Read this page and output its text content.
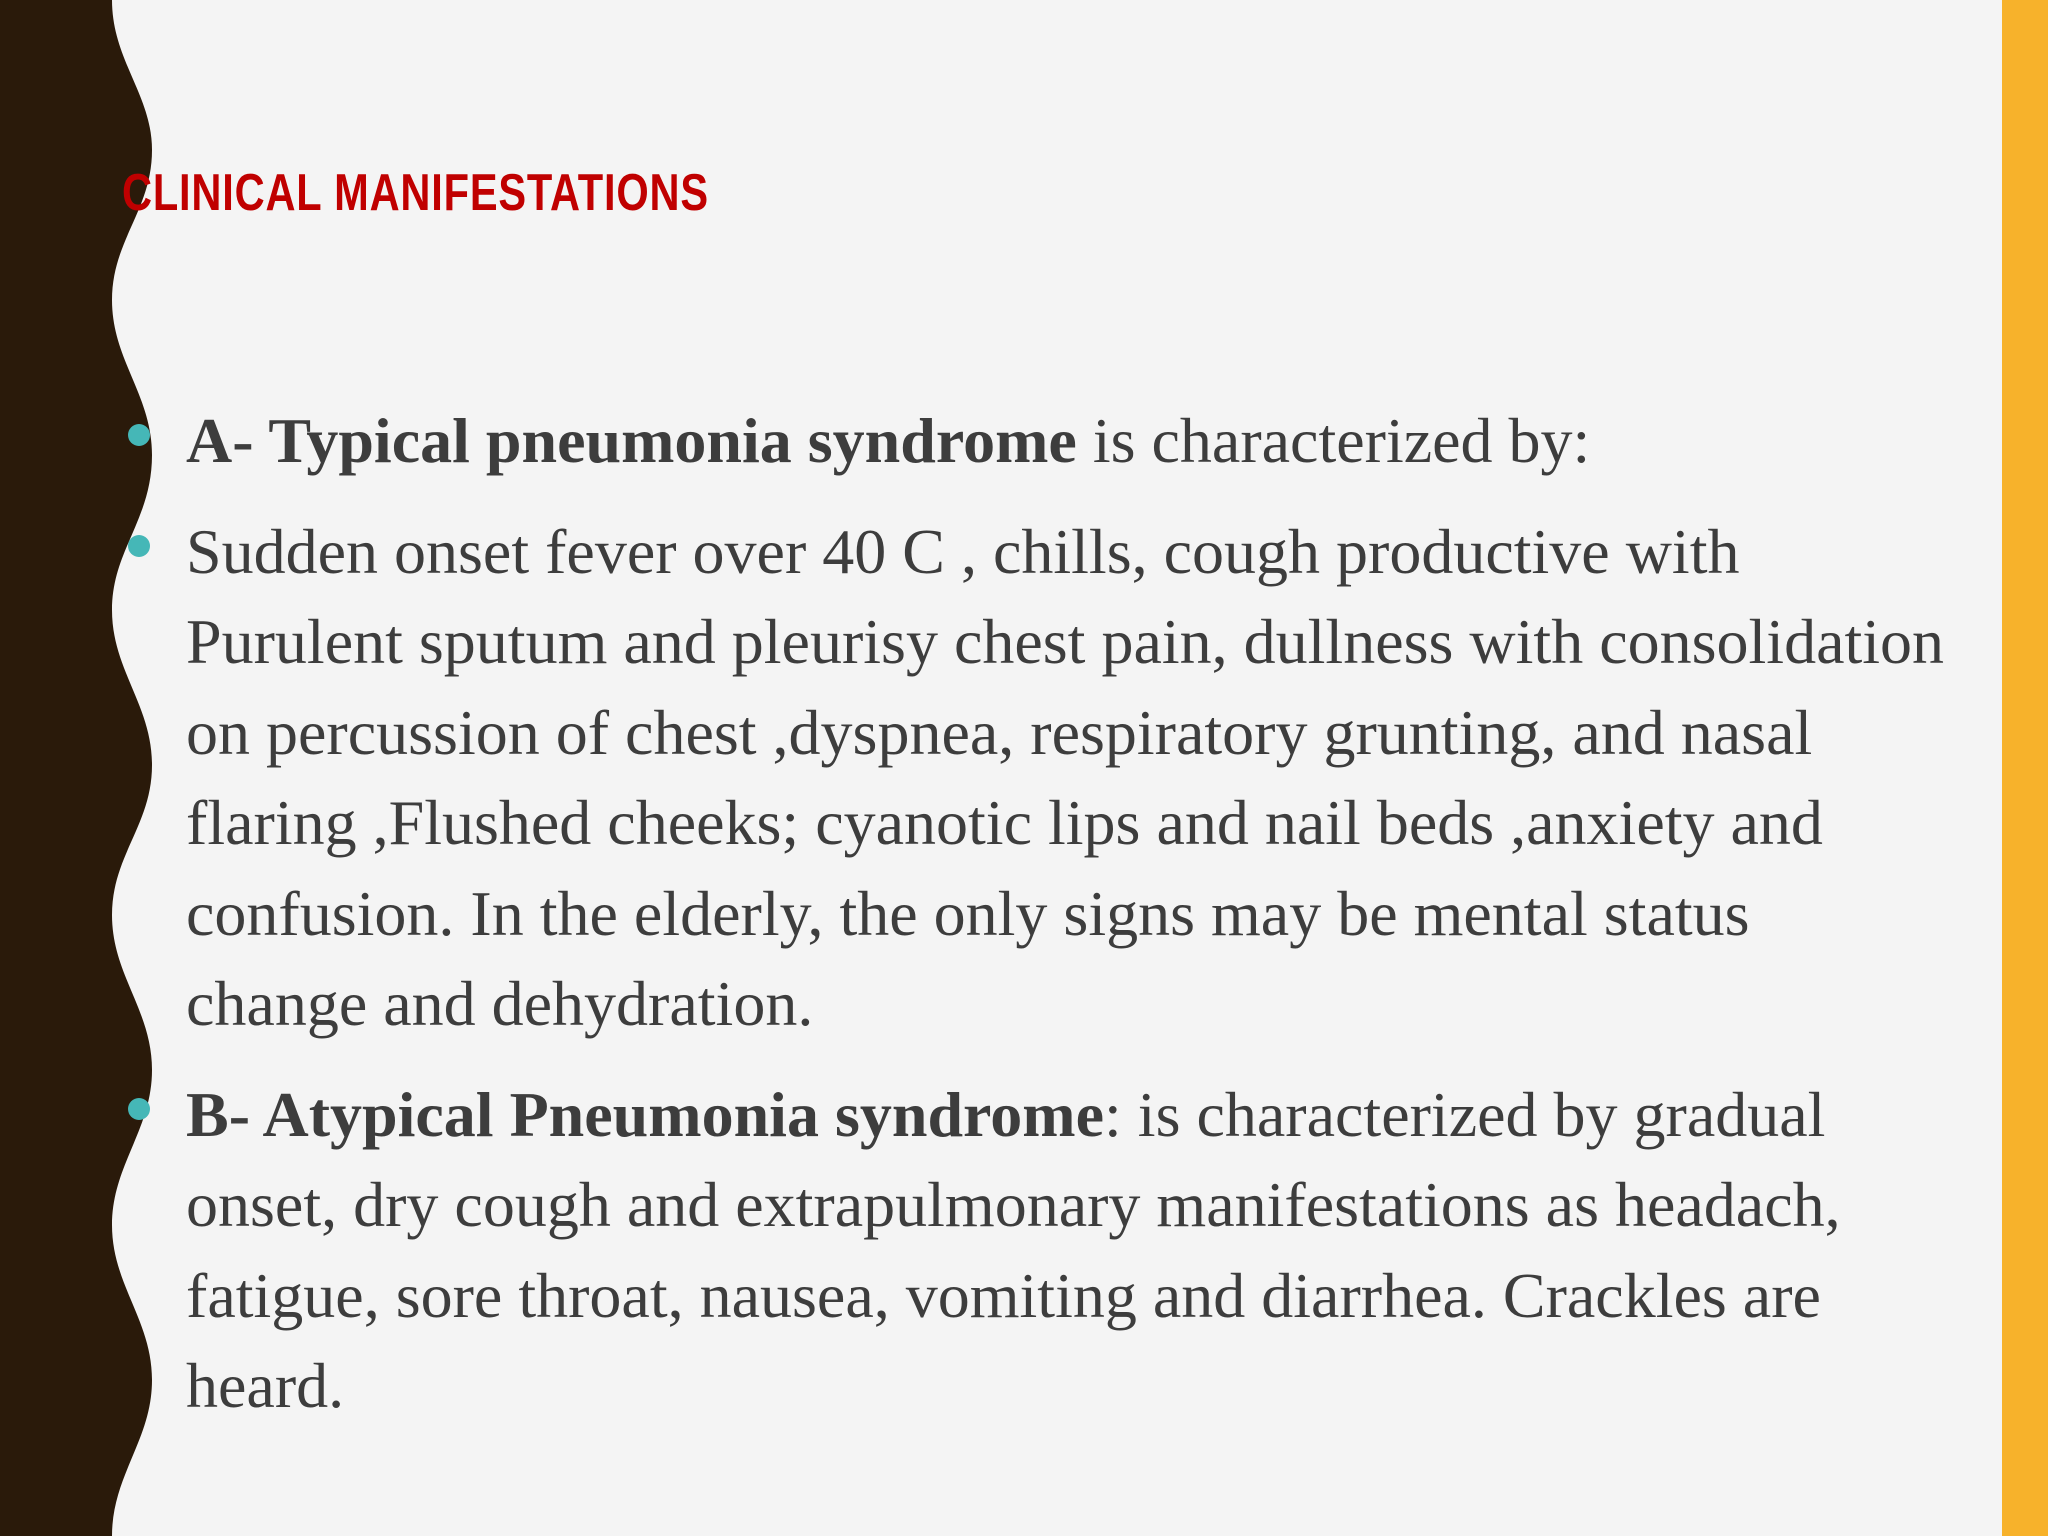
CLINICAL MANIFESTATIONS
A- Typical pneumonia syndrome is characterized by:
Sudden onset fever over 40 C , chills, cough productive with Purulent sputum and pleurisy chest pain, dullness with consolidation on percussion of chest ,dyspnea, respiratory grunting, and nasal flaring ,Flushed cheeks; cyanotic lips and nail beds ,anxiety and confusion. In the elderly, the only signs may be mental status change and dehydration.
B- Atypical Pneumonia syndrome: is characterized by gradual onset, dry cough and extrapulmonary manifestations as headach, fatigue, sore throat, nausea, vomiting and diarrhea. Crackles are heard.
